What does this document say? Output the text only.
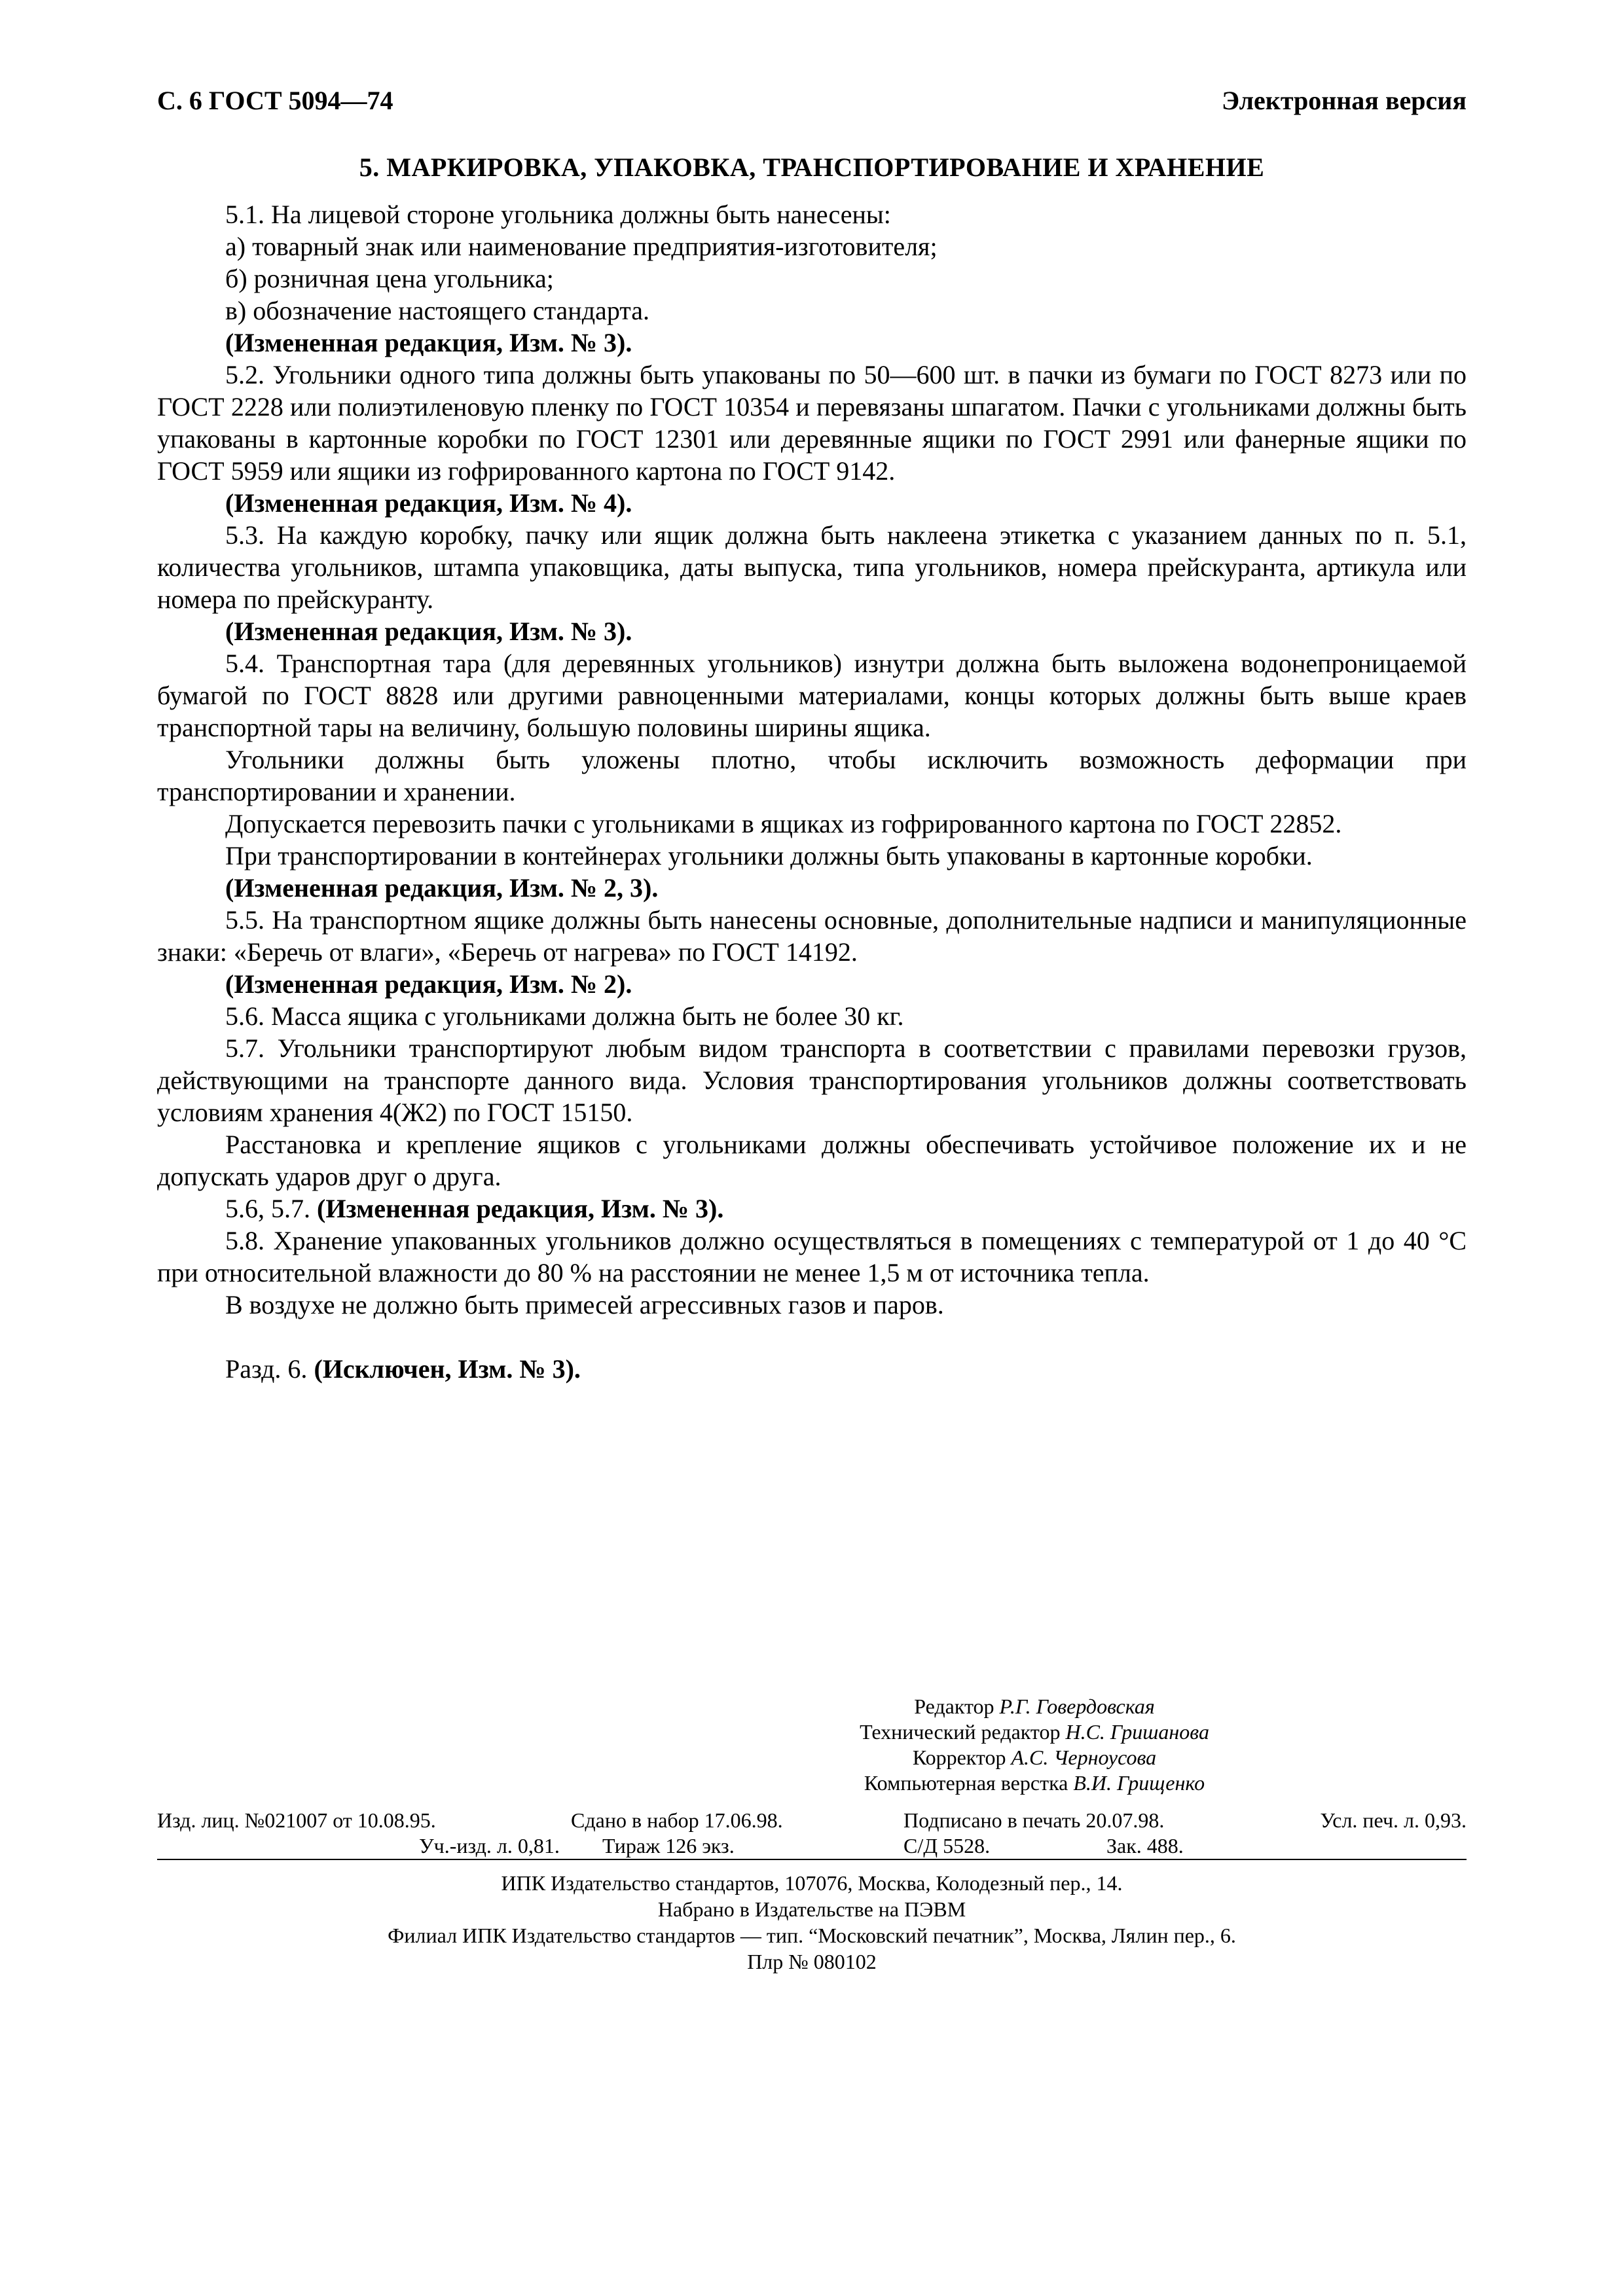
С. 6 ГОСТ 5094—74	Электронная версия
5. МАРКИРОВКА, УПАКОВКА, ТРАНСПОРТИРОВАНИЕ И ХРАНЕНИЕ

5.1. На лицевой стороне угольника должны быть нанесены:

а) товарный знак или наименование предприятия-изготовителя;

б) розничная цена угольника;

в) обозначение настоящего стандарта.

(Измененная редакция, Изм. № 3).

5.2. Угольники одного типа должны быть упакованы по 50—600 шт. в пачки из бумаги по ГОСТ 8273 или по ГОСТ 2228 или полиэтиленовую пленку по ГОСТ 10354 и перевязаны шпагатом. Пачки с угольниками должны быть упакованы в картонные коробки по ГОСТ 12301 или деревянные ящики по ГОСТ 2991 или фанерные ящики по ГОСТ 5959 или ящики из гофрированного картона по ГОСТ 9142.

(Измененная редакция, Изм. № 4).

5.3. На каждую коробку, пачку или ящик должна быть наклеена этикетка с указанием данных по п. 5.1, количества угольников, штампа упаковщика, даты выпуска, типа угольников, номера прейскуранта, артикула или номера по прейскуранту.

(Измененная редакция, Изм. № 3).

5.4. Транспортная тара (для деревянных угольников) изнутри должна быть выложена водонепроницаемой бумагой по ГОСТ 8828 или другими равноценными материалами, концы которых должны быть выше краев транспортной тары на величину, большую половины ширины ящика.

Угольники должны быть уложены плотно, чтобы исключить возможность деформации при транспортировании и хранении.

Допускается перевозить пачки с угольниками в ящиках из гофрированного картона по ГОСТ 22852.

При транспортировании в контейнерах угольники должны быть упакованы в картонные коробки.

(Измененная редакция, Изм. № 2, 3).

5.5. На транспортном ящике должны быть нанесены основные, дополнительные надписи и манипуляционные знаки: «Беречь от влаги», «Беречь от нагрева» по ГОСТ 14192.

(Измененная редакция, Изм. № 2).

5.6. Масса ящика с угольниками должна быть не более 30 кг.

5.7. Угольники транспортируют любым видом транспорта в соответствии с правилами перевозки грузов, действующими на транспорте данного вида. Условия транспортирования угольников должны соответствовать условиям хранения 4(Ж2) по ГОСТ 15150.

Расстановка и крепление ящиков с угольниками должны обеспечивать устойчивое положение их и не допускать ударов друг о друга.

5.6, 5.7. (Измененная редакция, Изм. № 3).

5.8. Хранение упакованных угольников должно осуществляться в помещениях с температурой от 1 до 40 °С при относительной влажности до 80 % на расстоянии не менее 1,5 м от источника тепла.

В воздухе не должно быть примесей агрессивных газов и паров.

Разд. 6. (Исключен, Изм. № 3).

Редактор Р.Г. Говердовская
Технический редактор Н.С. Гришанова
Корректор А.С. Черноусова
Компьютерная верстка В.И. Грищенко
Изд. лиц. №021007 от 10.08.95.	Сдано в набор 17.06.98.	Подписано в печать 20.07.98.	Усл. печ. л. 0,93.
Уч.-изд. л. 0,81. Тираж 126 экз.	С/Д 5528.	Зак. 488.
ИПК Издательство стандартов, 107076, Москва, Колодезный пер., 14.
Набрано в Издательстве на ПЭВМ
Филиал ИПК Издательство стандартов — тип. “Московский печатник”, Москва, Лялин пер., 6.
Плр № 080102
